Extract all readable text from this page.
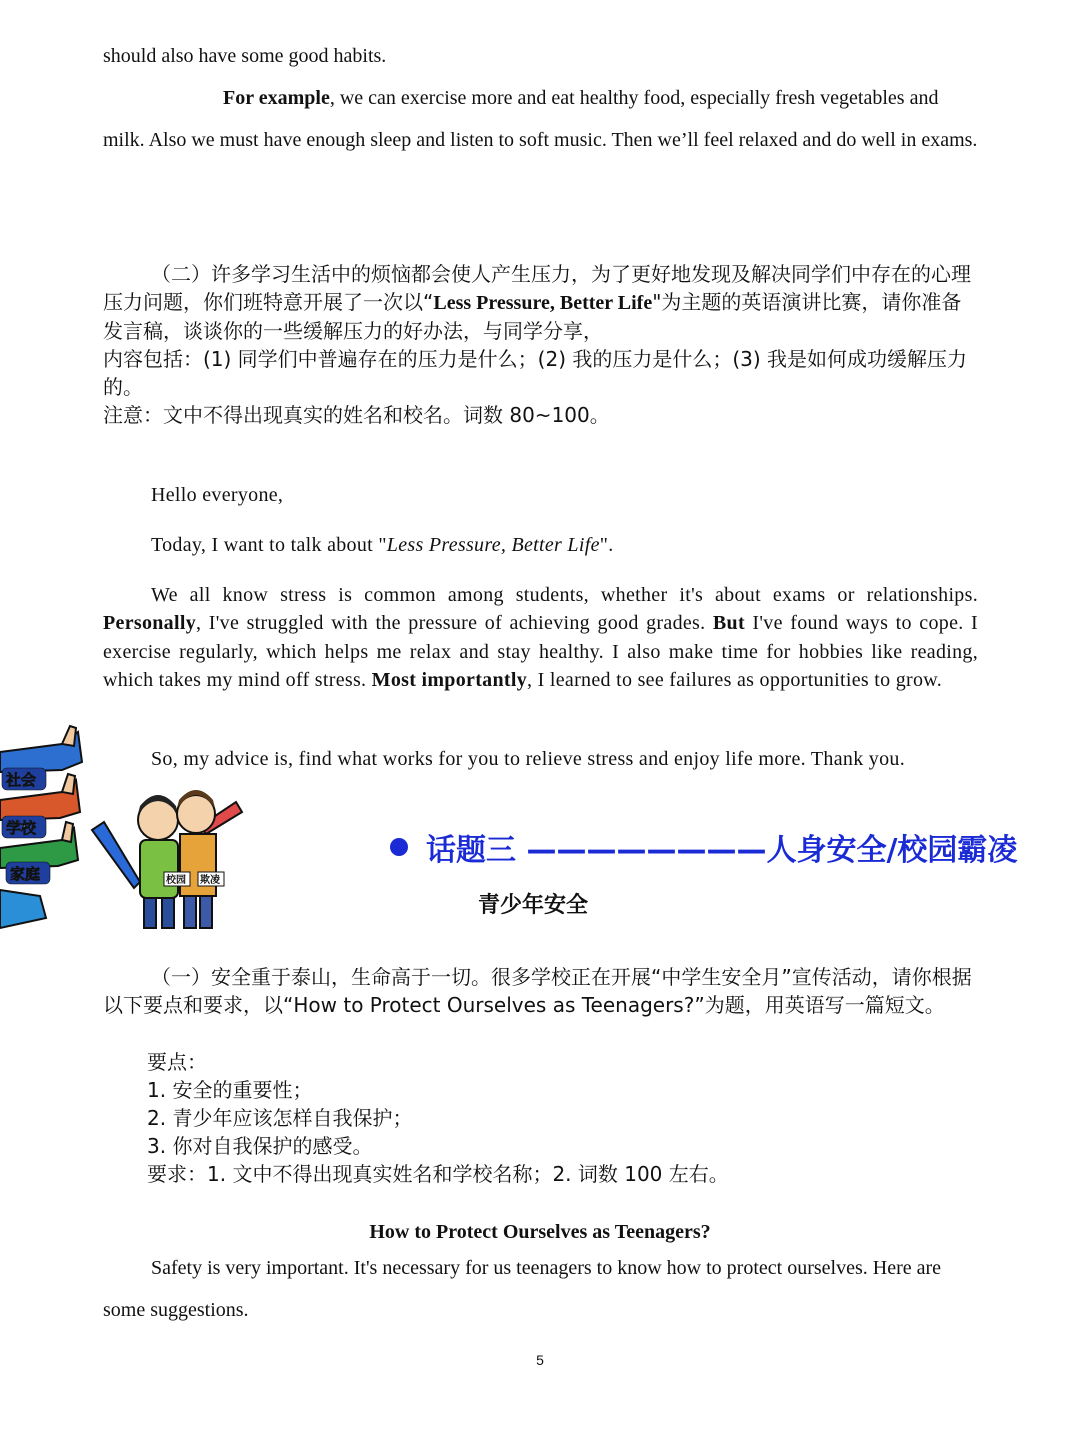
should also have some good habits.

For example, we can exercise more and eat healthy food, especially fresh vegetables and milk. Also we must have enough sleep and listen to soft music. Then we’ll feel relaxed and do well in exams.

（二）许多学习生活中的烦恼都会使人产生压力，为了更好地发现及解决同学们中存在的心理压力问题，你们班特意开展了一次以“Less Pressure, Better Life"为主题的英语演讲比赛，请你准备发言稿，谈谈你的一些缓解压力的好办法，与同学分享，

内容包括：(1) 同学们中普遍存在的压力是什么；(2) 我的压力是什么；(3) 我是如何成功缓解压力的。

注意：文中不得出现真实的姓名和校名。词数 80~100。

Hello everyone,

Today, I want to talk about "Less Pressure, Better Life".

We all know stress is common among students, whether it's about exams or relationships. Personally, I've struggled with the pressure of achieving good grades. But I've found ways to cope. I exercise regularly, which helps me relax and stay healthy. I also make time for hobbies like reading, which takes my mind off stress. Most importantly, I learned to see failures as opportunities to grow.

So, my advice is, find what works for you to relieve stress and enjoy life more. Thank you.

社会
学校
家庭	校园 欺凌
话题三 ————————人身安全/校园霸凌
青少年安全

（一）安全重于泰山，生命高于一切。很多学校正在开展“中学生安全月”宣传活动，请你根据以下要点和要求，以“How to Protect Ourselves as Teenagers?”为题，用英语写一篇短文。

要点：
1. 安全的重要性；
2. 青少年应该怎样自我保护；
3. 你对自我保护的感受。
要求：1. 文中不得出现真实姓名和学校名称；2. 词数 100 左右。
How to Protect Ourselves as Teenagers?

Safety is very important. It's necessary for us teenagers to know how to protect ourselves. Here are some suggestions.

5
